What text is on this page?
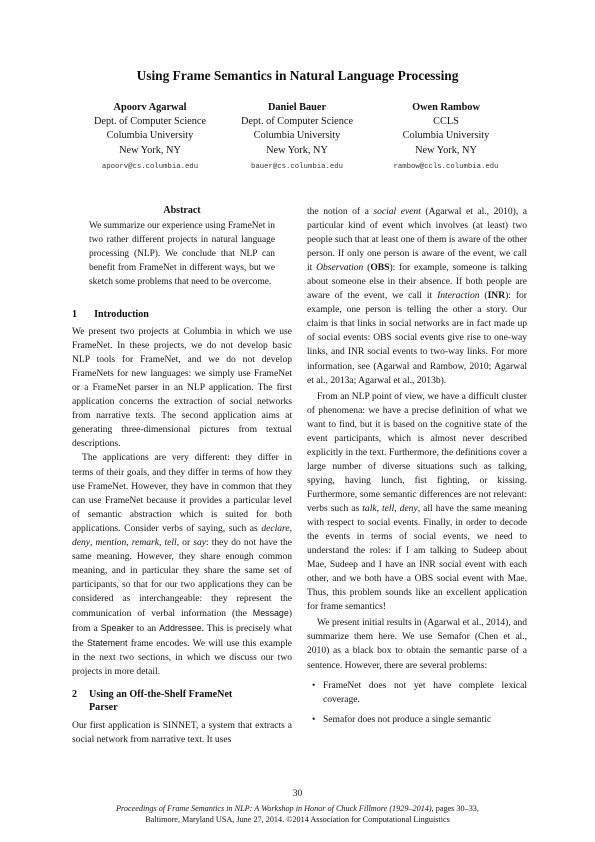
Using Frame Semantics in Natural Language Processing
Apoorv Agarwal
Dept. of Computer Science
Columbia University
New York, NY
apoorv@cs.columbia.edu
Daniel Bauer
Dept. of Computer Science
Columbia University
New York, NY
bauer@cs.columbia.edu
Owen Rambow
CCLS
Columbia University
New York, NY
rambow@ccls.columbia.edu
Abstract
We summarize our experience using FrameNet in two rather different projects in natural language processing (NLP). We conclude that NLP can benefit from FrameNet in different ways, but we sketch some problems that need to be overcome.
1 Introduction

We present two projects at Columbia in which we use FrameNet. In these projects, we do not develop basic NLP tools for FrameNet, and we do not develop FrameNets for new languages: we simply use FrameNet or a FrameNet parser in an NLP application. The first application concerns the extraction of social networks from narrative texts. The second application aims at generating three-dimensional pictures from textual descriptions.

The applications are very different: they differ in terms of their goals, and they differ in terms of how they use FrameNet. However, they have in common that they can use FrameNet because it provides a particular level of semantic abstraction which is suited for both applications. Consider verbs of saying, such as declare, deny, mention, remark, tell, or say: they do not have the same meaning. However, they share enough common meaning, and in particular they share the same set of participants, so that for our two applications they can be considered as interchangeable: they represent the communication of verbal information (the Message) from a Speaker to an Addressee. This is precisely what the Statement frame encodes. We will use this example in the next two sections, in which we discuss our two projects in more detail.

2 Using an Off-the-Shelf FrameNet
Parser

Our first application is SINNET, a system that extracts a social network from narrative text. It uses

the notion of a social event (Agarwal et al., 2010), a particular kind of event which involves (at least) two people such that at least one of them is aware of the other person. If only one person is aware of the event, we call it Observation (OBS): for example, someone is talking about someone else in their absence. If both people are aware of the event, we call it Interaction (INR): for example, one person is telling the other a story. Our claim is that links in social networks are in fact made up of social events: OBS social events give rise to one-way links, and INR social events to two-way links. For more information, see (Agarwal and Rambow, 2010; Agarwal et al., 2013a; Agarwal et al., 2013b).

From an NLP point of view, we have a difficult cluster of phenomena: we have a precise definition of what we want to find, but it is based on the cognitive state of the event participants, which is almost never described explicitly in the text. Furthermore, the definitions cover a large number of diverse situations such as talking, spying, having lunch, fist fighting, or kissing. Furthermore, some semantic differences are not relevant: verbs such as talk, tell, deny, all have the same meaning with respect to social events. Finally, in order to decode the events in terms of social events, we need to understand the roles: if I am talking to Sudeep about Mae, Sudeep and I have an INR social event with each other, and we both have a OBS social event with Mae. Thus, this problem sounds like an excellent application for frame semantics!

We present initial results in (Agarwal et al., 2014), and summarize them here. We use Semafor (Chen et al., 2010) as a black box to obtain the semantic parse of a sentence. However, there are several problems:

• FrameNet does not yet have complete lexical coverage.
• Semafor does not produce a single semantic
30
Proceedings of Frame Semantics in NLP: A Workshop in Honor of Chuck Fillmore (1929–2014), pages 30–33,
Baltimore, Maryland USA, June 27, 2014. ©2014 Association for Computational Linguistics
